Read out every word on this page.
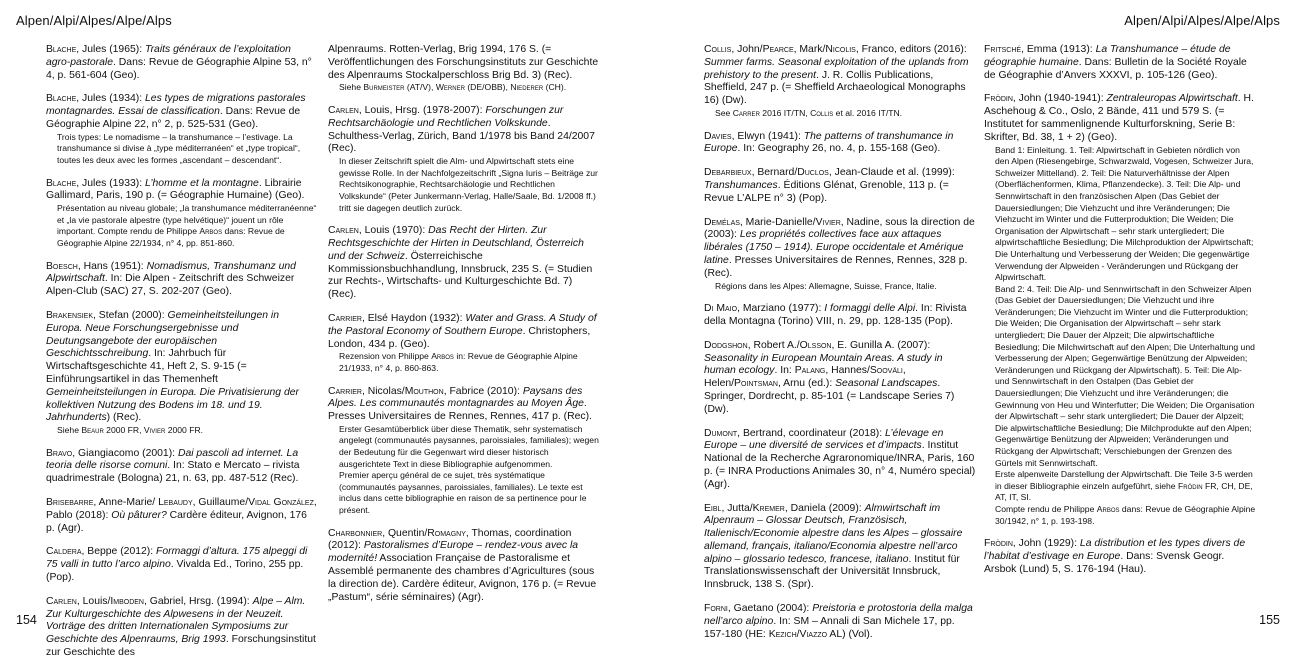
Alpen/Alpi/Alpes/Alpe/Alps

Blache, Jules (1965): Traits généraux de l’exploitation agro-pastorale. Dans: Revue de Géographie Alpine 53, n° 4, p. 561-604 (Geo).

Blache, Jules (1934): Les types de migrations pastorales montagnardes. Essai de classification. Dans: Revue de Géographie Alpine 22, n° 2, p. 525-531 (Geo).

Trois types: Le nomadisme – la transhumance – l’estivage. La transhumance si divise à „type méditerranéen“ et „type tropical“, toutes les deux avec les formes „ascendant – descendant“.

Blache, Jules (1933): L’homme et la montagne. Librairie Gallimard, Paris, 190 p. (= Géographie Humaine) (Geo).

Présentation au niveau globale; „la transhumance méditerranéenne“ et „la vie pastorale alpestre (type helvétique)“ jouent un rôle important. Compte rendu de Philippe Arbos dans: Revue de Géographie Alpine 22/1934, n° 4, pp. 851-860.

Boesch, Hans (1951): Nomadismus, Transhumanz und Alpwirtschaft. In: Die Alpen - Zeitschrift des Schweizer Alpen-Club (SAC) 27, S. 202-207 (Geo).

Brakensiek, Stefan (2000): Gemeinheitsteilungen in Europa. Neue Forschungsergebnisse und Deutungsangebote der europäischen Geschichtsschreibung. In: Jahrbuch für Wirtschaftsgeschichte 41, Heft 2, S. 9-15 (= Einführungsartikel in das Themenheft Gemeinheitsteilungen in Europa. Die Privatisierung der kollektiven Nutzung des Bodens im 18. und 19. Jahrhunderts) (Rec).

Siehe Beaur 2000 FR, Vivier 2000 FR.

Bravo, Giangiacomo (2001): Dai pascoli ad internet. La teoria delle risorse comuni. In: Stato e Mercato – rivista quadrimestrale (Bologna) 21, n. 63, pp. 487-512 (Rec).

Brisebarre, Anne-Marie/ Lebaudy, Guillaume/Vidal González, Pablo (2018): Où pâturer? Cardère éditeur, Avignon, 176 p. (Agr).

Caldera, Beppe (2012): Formaggi d’altura. 175 alpeggi di 75 valli in tutto l’arco alpino. Vivalda Ed., Torino, 255 pp. (Pop).

Carlen, Louis/Imboden, Gabriel, Hrsg. (1994): Alpe – Alm. Zur Kulturgeschichte des Alpwesens in der Neuzeit. Vorträge des dritten Internationalen Symposiums zur Geschichte des Alpenraums, Brig 1993. Forschungsinstitut zur Geschichte des

Alpenraums. Rotten-Verlag, Brig 1994, 176 S. (= Veröffentlichungen des Forschungsinstituts zur Geschichte des Alpenraums Stockalperschloss Brig Bd. 3) (Rec).

Siehe Burmeister (AT/V), Werner (DE/OBB), Niederer (CH).

Carlen, Louis, Hrsg. (1978-2007): Forschungen zur Rechtsarchäologie und Rechtlichen Volkskunde. Schulthess-Verlag, Zürich, Band 1/1978 bis Band 24/2007 (Rec).

In dieser Zeitschrift spielt die Alm- und Alpwirtschaft stets eine gewisse Rolle. In der Nachfolgezeitschrift „Signa Iuris – Beiträge zur Rechtsikonographie, Rechtsarchäologie und Rechtlichen Volkskunde“ (Peter Junkermann-Verlag, Halle/Saale, Bd. 1/2008 ff.) tritt sie dagegen deutlich zurück.

Carlen, Louis (1970): Das Recht der Hirten. Zur Rechtsgeschichte der Hirten in Deutschland, Österreich und der Schweiz. Österreichische Kommissionsbuchhandlung, Innsbruck, 235 S. (= Studien zur Rechts-, Wirtschafts- und Kulturgeschichte Bd. 7) (Rec).

Carrier, Elsé Haydon (1932): Water and Grass. A Study of the Pastoral Economy of Southern Europe. Christophers, London, 434 p. (Geo).

Rezension von Philippe Arbos in: Revue de Géographie Alpine 21/1933, n° 4, p. 860-863.

Carrier, Nicolas/Mouthon, Fabrice (2010): Paysans des Alpes. Les communautés montagnardes au Moyen Âge. Presses Universitaires de Rennes, Rennes, 417 p. (Rec).

Erster Gesamtüberblick über diese Thematik, sehr systematisch angelegt (communautés paysannes, paroissiales, familiales); wegen der Bedeutung für die Gegenwart wird dieser historisch ausgerichtete Text in diese Bibliographie aufgenommen.

Premier aperçu général de ce sujet, très systématique (communautés paysannes, paroissiales, familiales). Le texte est inclus dans cette bibliographie en raison de sa pertinence pour le présent.

Charbonnier, Quentin/Romagny, Thomas, coordination (2012): Pastoralismes d’Europe – rendez-vous avec la modernité! Association Française de Pastoralisme et Assemblé permanente des chambres d’Agricultures (sous la direction de). Cardère éditeur, Avignon, 176 p. (= Revue „Pastum“, série séminaires) (Agr).

154
Alpen/Alpi/Alpes/Alpe/Alps

Collis, John/Pearce, Mark/Nicolis, Franco, editors (2016): Summer farms. Seasonal exploitation of the uplands from prehistory to the present. J. R. Collis Publications, Sheffield, 247 p. (= Sheffield Archaeological Monographs 16) (Dw).

See Carrer 2016 IT/TN, Collis et al. 2016 IT/TN.

Davies, Elwyn (1941): The patterns of transhumance in Europe. In: Geography 26, no. 4, p. 155-168 (Geo).

Debarbieux, Bernard/Duclos, Jean-Claude et al. (1999): Transhumances. Éditions Glénat, Grenoble, 113 p. (= Revue L’ALPE n° 3) (Pop).

Demélas, Marie-Danielle/Vivier, Nadine, sous la direction de (2003): Les propriétés collectives face aux attaques libérales (1750 – 1914). Europe occidentale et Amérique latine. Presses Universitaires de Rennes, Rennes, 328 p. (Rec).

Régions dans les Alpes: Allemagne, Suisse, France, Italie.

Di Maio, Marziano (1977): I formaggi delle Alpi. In: Rivista della Montagna (Torino) VIII, n. 29, pp. 128-135 (Pop).

Dodgshon, Robert A./Olsson, E. Gunilla A. (2007): Seasonality in European Mountain Areas. A study in human ecology. In: Palang, Hannes/Sooväli, Helen/Pointsman, Arnu (ed.): Seasonal Landscapes. Springer, Dordrecht, p. 85-101 (= Landscape Series 7) (Dw).

Dumont, Bertrand, coordinateur (2018): L’élevage en Europe – une diversité de services et d’impacts. Institut National de la Recherche Agraronomique/INRA, Paris, 160 p. (= INRA Productions Animales 30, n° 4, Numéro special) (Agr).

Eibl, Jutta/Kremer, Daniela (2009): Almwirtschaft im Alpenraum – Glossar Deutsch, Französisch, Italienisch/Economie alpestre dans les Alpes – glossaire allemand, français, italiano/Economia alpestre nell’arco alpino – glossario tedesco, francese, italiano. Institut für Translationswissenschaft der Universität Innsbruck, Innsbruck, 138 S. (Spr).

Forni, Gaetano (2004): Preistoria e protostoria della malga nell’arco alpino. In: SM – Annali di San Michele 17, pp. 157-180 (HE: Kezich/Viazzo AL) (Vol).

Fritsché, Emma (1913): La Transhumance – étude de géographie humaine. Dans: Bulletin de la Société Royale de Géographie d’Anvers XXXVI, p. 105-126 (Geo).

Frödin, John (1940-1941): Zentraleuropas Alpwirtschaft. H. Aschehoug & Co., Oslo, 2 Bände, 411 und 579 S. (= Institutet for sammenlignende Kulturforskning, Serie B: Skrifter, Bd. 38, 1 + 2) (Geo).

Band 1: Einleitung. 1. Teil: Alpwirtschaft in Gebieten nördlich von den Alpen (Riesengebirge, Schwarzwald, Vogesen, Schweizer Jura, Schweizer Mittelland). 2. Teil: Die Naturverhältnisse der Alpen (Oberflächenformen, Klima, Pflanzendecke). 3. Teil: Die Alp- und Sennwirtschaft in den französischen Alpen (Das Gebiet der Dauersiedlungen; Die Viehzucht und ihre Veränderungen; Die Viehzucht im Winter und die Futterproduktion; Die Weiden; Die Organisation der Alpwirtschaft – sehr stark untergliedert; Die alpwirtschaftliche Besiedlung; Die Milchproduktion der Alpwirtschaft; Die Unterhaltung und Verbesserung der Weiden; Die gegenwärtige Verwendung der Alpweiden - Veränderungen und Rückgang der Alpwirtschaft.

Band 2: 4. Teil: Die Alp- und Sennwirtschaft in den Schweizer Alpen (Das Gebiet der Dauersiedlungen; Die Viehzucht und ihre Veränderungen; Die Viehzucht im Winter und die Futterproduktion; Die Weiden; Die Organisation der Alpwirtschaft – sehr stark untergliedert; Die Dauer der Alpzeit; Die alpwirtschaftliche Besiedlung; Die Milchwirtschaft auf den Alpen; Die Unterhaltung und Verbesserung der Alpen; Gegenwärtige Benützung der Alpweiden; Veränderungen und Rückgang der Alpwirtschaft). 5. Teil: Die Alp- und Sennwirtschaft in den Ostalpen (Das Gebiet der Dauersiedlungen; Die Viehzucht und ihre Veränderungen; die Gewinnung von Heu und Winterfutter; Die Weiden; Die Organisation der Alpwirtschaft – sehr stark untergliedert; Die Dauer der Alpzeit; Die alpwirtschaftliche Besiedlung; Die Milchprodukte auf den Alpen; Gegenwärtige Benützung der Alpweiden; Veränderungen und Rückgang der Alpwirtschaft; Verschiebungen der Grenzen des Gürtels mit Sennwirtschaft.

Erste alpenweite Darstellung der Alpwirtschaft. Die Teile 3-5 werden in dieser Bibliographie einzeln aufgeführt, siehe Frödin FR, CH, DE, AT, IT, SI.

Compte rendu de Philippe Arbos dans: Revue de Géographie Alpine 30/1942, n° 1, p. 193-198.

Frödin, John (1929): La distribution et les types divers de l’habitat d’estivage en Europe. Dans: Svensk Geogr. Arsbok (Lund) 5, S. 176-194 (Hau).

155
